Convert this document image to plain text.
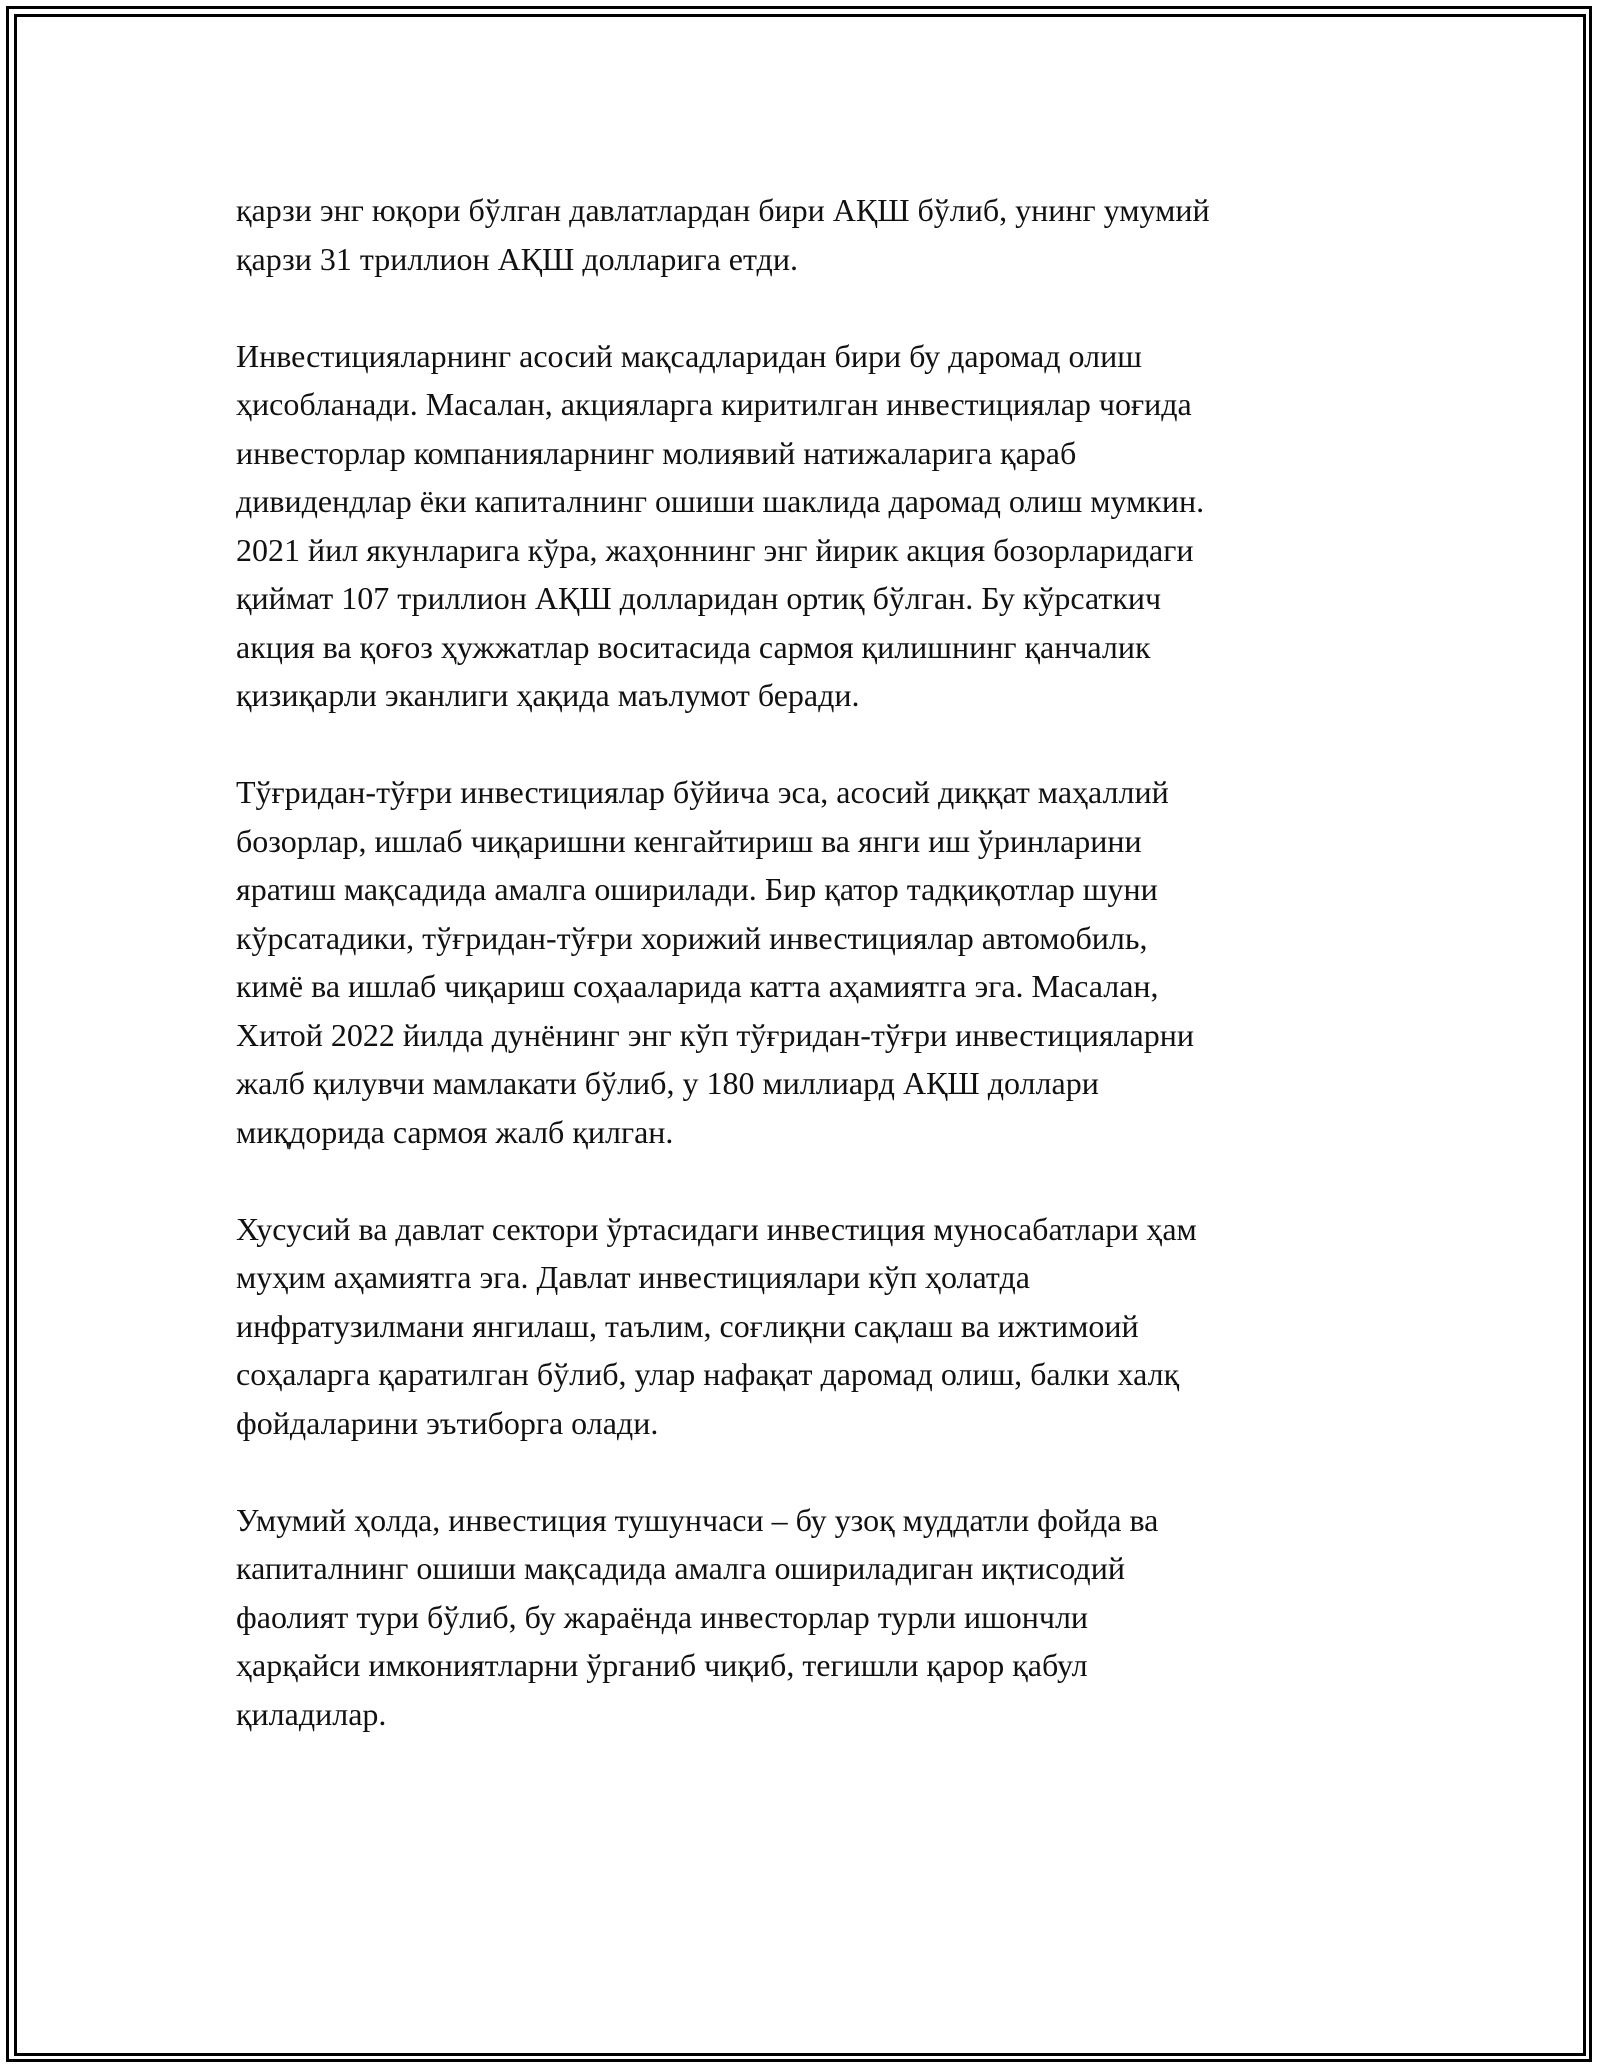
қарзи энг юқори бўлган давлатлардан бири АҚШ бўлиб, унинг умумий
қарзи 31 триллион АҚШ долларига етди.

Инвестицияларнинг асосий мақсадларидан бири бу даромад олиш
ҳисобланади. Масалан, акцияларга киритилган инвестициялар чоғида
инвесторлар компанияларнинг молиявий натижаларига қараб
дивидендлар ёки капиталнинг ошиши шаклида даромад олиш мумкин.
2021 йил якунларига кўра, жаҳоннинг энг йирик акция бозорларидаги
қиймат 107 триллион АҚШ долларидан ортиқ бўлган. Бу кўрсаткич
акция ва қоғоз ҳужжатлар воситасида сармоя қилишнинг қанчалик
қизиқарли эканлиги ҳақида маълумот беради.

Тўғридан-тўғри инвестициялар бўйича эса, асосий диққат маҳаллий
бозорлар, ишлаб чиқаришни кенгайтириш ва янги иш ўринларини
яратиш мақсадида амалга оширилади. Бир қатор тадқиқотлар шуни
кўрсатадики, тўғридан-тўғри хорижий инвестициялар автомобиль,
кимё ва ишлаб чиқариш соҳааларида катта аҳамиятга эга. Масалан,
Хитой 2022 йилда дунёнинг энг кўп тўғридан-тўғри инвестицияларни
жалб қилувчи мамлакати бўлиб, у 180 миллиард АҚШ доллари
миқдорида сармоя жалб қилган.

Хусусий ва давлат сектори ўртасидаги инвестиция муносабатлари ҳам
муҳим аҳамиятга эга. Давлат инвестициялари кўп ҳолатда
инфратузилмани янгилаш, таълим, соғлиқни сақлаш ва ижтимоий
соҳаларга қаратилган бўлиб, улар нафақат даромад олиш, балки халқ
фойдаларини эътиборга олади.

Умумий ҳолда, инвестиция тушунчаси – бу узоқ муддатли фойда ва
капиталнинг ошиши мақсадида амалга ошириладиган иқтисодий
фаолият тури бўлиб, бу жараёнда инвесторлар турли ишончли
ҳарқайси имкониятларни ўрганиб чиқиб, тегишли қарор қабул
қиладилар.
